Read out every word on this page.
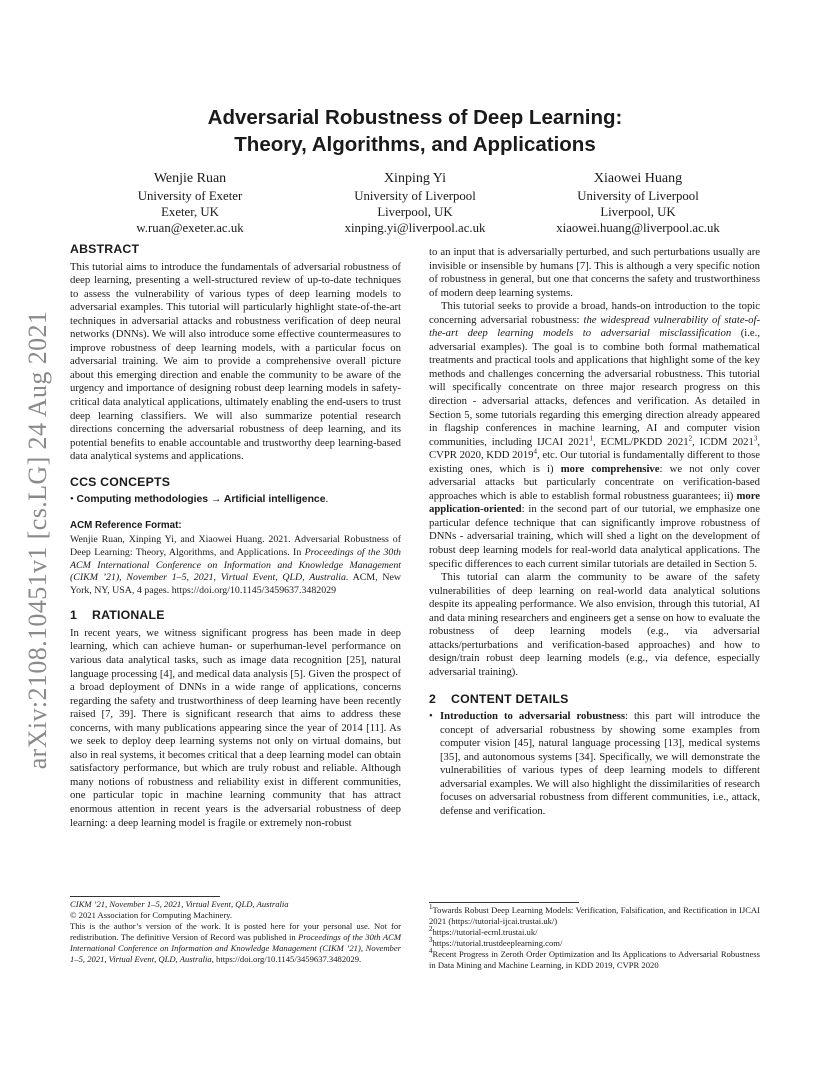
arXiv:2108.10451v1 [cs.LG] 24 Aug 2021
Adversarial Robustness of Deep Learning:
Theory, Algorithms, and Applications
Wenjie Ruan
University of Exeter
Exeter, UK
w.ruan@exeter.ac.uk
Xinping Yi
University of Liverpool
Liverpool, UK
xinping.yi@liverpool.ac.uk
Xiaowei Huang
University of Liverpool
Liverpool, UK
xiaowei.huang@liverpool.ac.uk
ABSTRACT

This tutorial aims to introduce the fundamentals of adversarial robustness of deep learning, presenting a well-structured review of up-to-date techniques to assess the vulnerability of various types of deep learning models to adversarial examples. This tutorial will particularly highlight state-of-the-art techniques in adversarial attacks and robustness verification of deep neural networks (DNNs). We will also introduce some effective countermeasures to improve robustness of deep learning models, with a particular focus on adversarial training. We aim to provide a comprehensive overall picture about this emerging direction and enable the community to be aware of the urgency and importance of designing robust deep learning models in safety-critical data analytical applications, ultimately enabling the end-users to trust deep learning classifiers. We will also summarize potential research directions concerning the adversarial robustness of deep learning, and its potential benefits to enable accountable and trustworthy deep learning-based data analytical systems and applications.

CCS CONCEPTS

• Computing methodologies → Artificial intelligence.

ACM Reference Format:

Wenjie Ruan, Xinping Yi, and Xiaowei Huang. 2021. Adversarial Robustness of Deep Learning: Theory, Algorithms, and Applications. In Proceedings of the 30th ACM International Conference on Information and Knowledge Management (CIKM ’21), November 1–5, 2021, Virtual Event, QLD, Australia. ACM, New York, NY, USA, 4 pages. https://doi.org/10.1145/3459637.3482029

1 RATIONALE

In recent years, we witness significant progress has been made in deep learning, which can achieve human- or superhuman-level performance on various data analytical tasks, such as image data recognition [25], natural language processing [4], and medical data analysis [5]. Given the prospect of a broad deployment of DNNs in a wide range of applications, concerns regarding the safety and trustworthiness of deep learning have been recently raised [7, 39]. There is significant research that aims to address these concerns, with many publications appearing since the year of 2014 [11]. As we seek to deploy deep learning systems not only on virtual domains, but also in real systems, it becomes critical that a deep learning model can obtain satisfactory performance, but which are truly robust and reliable. Although many notions of robustness and reliability exist in different communities, one particular topic in machine learning community that has attract enormous attention in recent years is the adversarial robustness of deep learning: a deep learning model is fragile or extremely non-robust

CIKM ’21, November 1–5, 2021, Virtual Event, QLD, Australia
© 2021 Association for Computing Machinery.
This is the author’s version of the work. It is posted here for your personal use. Not for redistribution. The definitive Version of Record was published in Proceedings of the 30th ACM International Conference on Information and Knowledge Management (CIKM ’21), November 1–5, 2021, Virtual Event, QLD, Australia, https://doi.org/10.1145/3459637.3482029.

to an input that is adversarially perturbed, and such perturbations usually are invisible or insensible by humans [7]. This is although a very specific notion of robustness in general, but one that concerns the safety and trustworthiness of modern deep learning systems.

This tutorial seeks to provide a broad, hands-on introduction to the topic concerning adversarial robustness: the widespread vulnerability of state-of-the-art deep learning models to adversarial misclassification (i.e., adversarial examples). The goal is to combine both formal mathematical treatments and practical tools and applications that highlight some of the key methods and challenges concerning the adversarial robustness. This tutorial will specifically concentrate on three major research progress on this direction - adversarial attacks, defences and verification. As detailed in Section 5, some tutorials regarding this emerging direction already appeared in flagship conferences in machine learning, AI and computer vision communities, including IJCAI 2021$^1$, ECML/PKDD 2021$^2$, ICDM 2021$^3$, CVPR 2020, KDD 2019$^4$, etc. Our tutorial is fundamentally different to those existing ones, which is i) more comprehensive: we not only cover adversarial attacks but particularly concentrate on verification-based approaches which is able to establish formal robustness guarantees; ii) more application-oriented: in the second part of our tutorial, we emphasize one particular defence technique that can significantly improve robustness of DNNs - adversarial training, which will shed a light on the development of robust deep learning models for real-world data analytical applications. The specific differences to each current similar tutorials are detailed in Section 5.

This tutorial can alarm the community to be aware of the safety vulnerabilities of deep learning on real-world data analytical solutions despite its appealing performance. We also envision, through this tutorial, AI and data mining researchers and engineers get a sense on how to evaluate the robustness of deep learning models (e.g., via adversarial attacks/perturbations and verification-based approaches) and how to design/train robust deep learning models (e.g., via defence, especially adversarial training).

2 CONTENT DETAILS
• Introduction to adversarial robustness: this part will introduce the concept of adversarial robustness by showing some examples from computer vision [45], natural language processing [13], medical systems [35], and autonomous systems [34]. Specifically, we will demonstrate the vulnerabilities of various types of deep learning models to different adversarial examples. We will also highlight the dissimilarities of research focuses on adversarial robustness from different communities, i.e., attack, defense and verification.

$^1$Towards Robust Deep Learning Models: Verification, Falsification, and Rectification in IJCAI 2021 (https://tutorial-ijcai.trustai.uk/)
$^2$https://tutorial-ecml.trustai.uk/
$^3$https://tutorial.trustdeeplearning.com/
$^4$Recent Progress in Zeroth Order Optimization and Its Applications to Adversarial Robustness in Data Mining and Machine Learning, in KDD 2019, CVPR 2020
